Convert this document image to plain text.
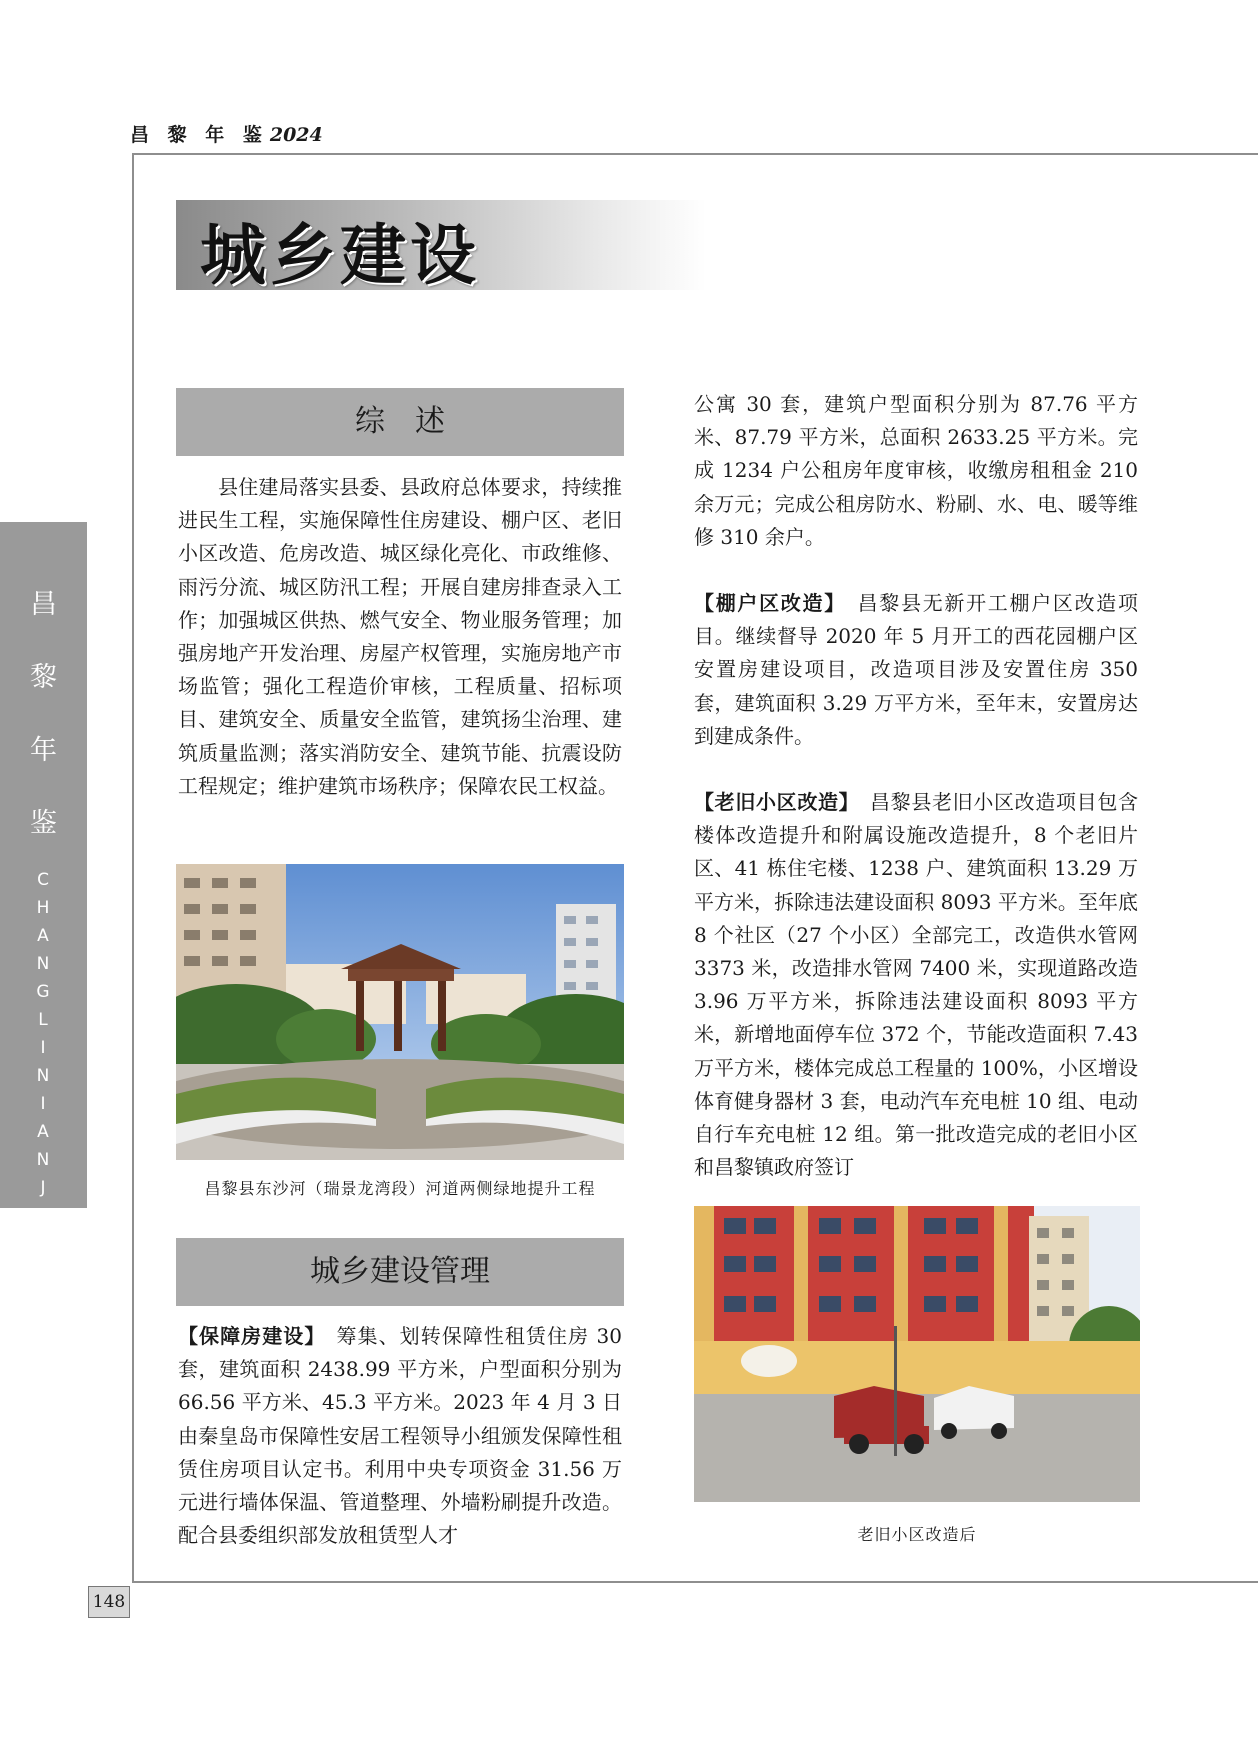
昌 黎 年 鉴 2024
昌
黎
年
鉴
C
H
A
N
G
L
I
N
I
A
N
J
I
A
N
148
城乡建设
综　述

县住建局落实县委、县政府总体要求，持续推进民生工程，实施保障性住房建设、棚户区、老旧小区改造、危房改造、城区绿化亮化、市政维修、雨污分流、城区防汛工程；开展自建房排查录入工作；加强城区供热、燃气安全、物业服务管理；加强房地产开发治理、房屋产权管理，实施房地产市场监管；强化工程造价审核，工程质量、招标项目、建筑安全、质量安全监管，建筑扬尘治理、建筑质量监测；落实消防安全、建筑节能、抗震设防工程规定；维护建筑市场秩序；保障农民工权益。

昌黎县东沙河（瑞景龙湾段）河道两侧绿地提升工程
城乡建设管理

【保障房建设】　 筹集、划转保障性租赁住房 30 套，建筑面积 2438.99 平方米，户型面积分别为 66.56 平方米、45.3 平方米。2023 年 4 月 3 日由秦皇岛市保障性安居工程领导小组颁发保障性租赁住房项目认定书。利用中央专项资金 31.56 万元进行墙体保温、管道整理、外墙粉刷提升改造。配合县委组织部发放租赁型人才

公寓 30 套，建筑户型面积分别为 87.76 平方米、87.79 平方米，总面积 2633.25 平方米。完成 1234 户公租房年度审核，收缴房租租金 210 余万元；完成公租房防水、粉刷、水、电、暖等维修 310 余户。

【棚户区改造】　 昌黎县无新开工棚户区改造项目。继续督导 2020 年 5 月开工的西花园棚户区安置房建设项目，改造项目涉及安置住房 350 套，建筑面积 3.29 万平方米，至年末，安置房达到建成条件。

【老旧小区改造】　 昌黎县老旧小区改造项目包含楼体改造提升和附属设施改造提升，8 个老旧片区、41 栋住宅楼、1238 户、建筑面积 13.29 万平方米，拆除违法建设面积 8093 平方米。至年底 8 个社区（27 个小区）全部完工，改造供水管网 3373 米，改造排水管网 7400 米，实现道路改造 3.96 万平方米，拆除违法建设面积 8093 平方米，新增地面停车位 372 个，节能改造面积 7.43 万平方米，楼体完成总工程量的 100%，小区增设体育健身器材 3 套，电动汽车充电桩 10 组、电动自行车充电桩 12 组。第一批改造完成的老旧小区和昌黎镇政府签订

老旧小区改造后
